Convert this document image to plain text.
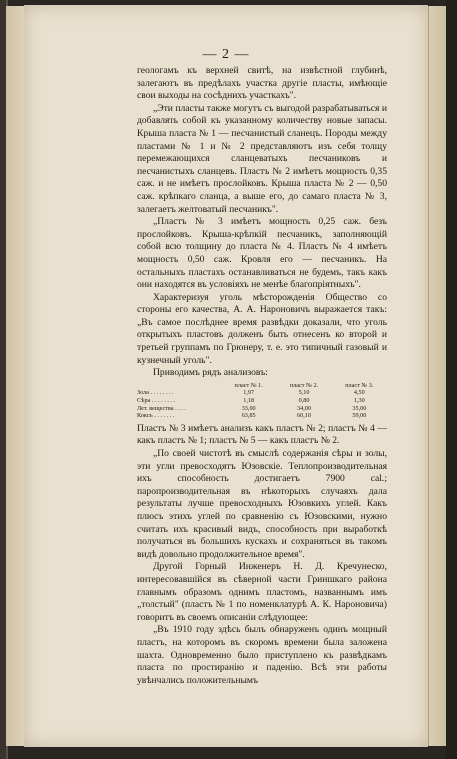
— 2 —

геологамъ къ верхней свитѣ, на извѣстной глубинѣ, залегаютъ въ предѣлахъ участка другіе пласты, имѣющіе свои выходы на сосѣднихъ участкахъ".

„Эти пласты также могутъ съ выгодой разрабатываться и добавлять собой къ указанному количеству новые запасы. Крыша пласта № 1 — песчанистый сланецъ. Породы между пластами № 1 и № 2 представляютъ изъ себя толщу перемежающихся сланцеватыхъ песчаниковъ и песчанистыхъ сланцевъ. Пластъ № 2 имѣетъ мощность 0,35 саж. и не имѣетъ прослойковъ. Крыша пласта № 2 — 0,50 саж. крѣпкаго сланца, а выше его, до самаго пласта № 3, залегаетъ желтоватый песчаникъ".

„Пластъ № 3 имѣетъ мощность 0,25 саж. безъ прослойковъ. Крыша-крѣпкій песчаникъ, заполняющій собой всю толщину до пласта № 4. Пластъ № 4 имѣетъ мощность 0,50 саж. Кровля его — песчаникъ. На остальныхъ пластахъ останавливаться не будемъ, такъ какъ они находятся въ условіяхъ не менѣе благопріятныхъ".

Характеризуя уголь мѣсторожденія Общество со стороны его качества, А. А. Нароновичъ выражается такъ: „Въ самое послѣднее время развѣдки доказали, что уголь открытыхъ пластовъ долженъ быть отнесенъ ко второй и третьей группамъ по Грюнеру, т. е. это типичный газовый и кузнечный уголь".

Приводимъ рядъ анализовъ:

	пласт № 1.	пласт № 2.	пласт № 3.
Зола . . . . . . . .	1,97	5,10	4,50
Сѣра . . . . . . . .	1,18	0,80	1,30
Лет. вещества . . . .	33,00	34,00	35,00
Коксъ . . . . . . .	63,85	60,10	59,00

Пластъ № 3 имѣетъ анализъ какъ пластъ № 2; пластъ № 4 — какъ пластъ № 1; пластъ № 5 — какъ пластъ № 2.

„По своей чистотѣ въ смыслѣ содержанія сѣры и золы, эти угли превосходятъ Юзовскіе. Теплопроизводительная ихъ способность достигаетъ 7900 cal.; паропроизводительная въ нѣкоторыхъ случаяхъ дала результаты лучше превосходныхъ Юзовкихъ углей. Какъ плюсъ этихъ углей по сравненію съ Юзовскими, нужно считать ихъ красивый видъ, способность при выработкѣ получаться въ большихъ кускахъ и сохраняться въ такомъ видѣ довольно продолжительное время".

Другой Горный Инженеръ Н. Д. Кречунеско, интересовавшійся въ сѣверной части Гриншкаго района главнымъ образомъ однимъ пластомъ, названнымъ имъ „толстый" (пластъ № 1 по номенклатурѣ А. К. Нароновича) говоритъ въ своемъ описаніи слѣдующее:

„Въ 1910 году здѣсь былъ обнаруженъ одинъ мощный пластъ, на которомъ въ скоромъ времени была заложена шахта. Одновременно было приступлено къ развѣдкамъ пласта по простиранію и паденію. Всѣ эти работы увѣнчались положительнымъ
